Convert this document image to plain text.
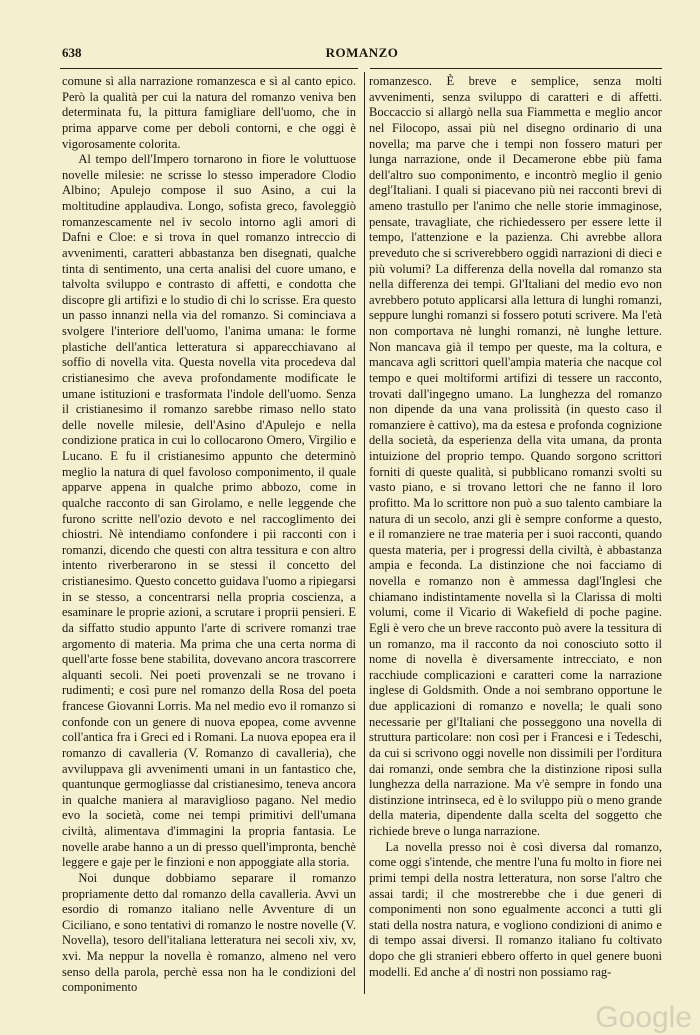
638	ROMANZO

comune sì alla narrazione romanzesca e sì al canto epico. Però la qualità per cui la natura del romanzo veniva ben determinata fu, la pittura famigliare dell'uomo, che in prima apparve come per deboli contorni, e che oggi è vigorosamente colorita.

Al tempo dell'Impero tornarono in fiore le voluttuose novelle milesie: ne scrisse lo stesso imperadore Clodio Albino; Apulejo compose il suo Asino, a cui la moltitudine applaudiva. Longo, sofista greco, favoleggiò romanzescamente nel iv secolo intorno agli amori di Dafni e Cloe: e si trova in quel romanzo intreccio di avvenimenti, caratteri abbastanza ben disegnati, qualche tinta di sentimento, una certa analisi del cuore umano, e talvolta sviluppo e contrasto di affetti, e condotta che discopre gli artifizi e lo studio di chi lo scrisse. Era questo un passo innanzi nella via del romanzo. Si cominciava a svolgere l'interiore dell'uomo, l'anima umana: le forme plastiche dell'antica letteratura si apparecchiavano al soffio di novella vita. Questa novella vita procedeva dal cristianesimo che aveva profondamente modificate le umane istituzioni e trasformata l'indole dell'uomo. Senza il cristianesimo il romanzo sarebbe rimaso nello stato delle novelle milesie, dell'Asino d'Apulejo e nella condizione pratica in cui lo collocarono Omero, Virgilio e Lucano. E fu il cristianesimo appunto che determinò meglio la natura di quel favoloso componimento, il quale apparve appena in qualche primo abbozo, come in qualche racconto di san Girolamo, e nelle leggende che furono scritte nell'ozio devoto e nel raccoglimento dei chiostri. Nè intendiamo confondere i pii racconti con i romanzi, dicendo che questi con altra tessitura e con altro intento riverberarono in se stessi il concetto del cristianesimo. Questo concetto guidava l'uomo a ripiegarsi in se stesso, a concentrarsi nella propria coscienza, a esaminare le proprie azioni, a scrutare i proprii pensieri. E da siffatto studio appunto l'arte di scrivere romanzi trae argomento di materia. Ma prima che una certa norma di quell'arte fosse bene stabilita, dovevano ancora trascorrere alquanti secoli. Nei poeti provenzali se ne trovano i rudimenti; e così pure nel romanzo della Rosa del poeta francese Giovanni Lorris. Ma nel medio evo il romanzo si confonde con un genere di nuova epopea, come avvenne coll'antica fra i Greci ed i Romani. La nuova epopea era il romanzo di cavalleria (V. Romanzo di cavalleria), che avviluppava gli avvenimenti umani in un fantastico che, quantunque germogliasse dal cristianesimo, teneva ancora in qualche maniera al maraviglioso pagano. Nel medio evo la società, come nei tempi primitivi dell'umana civiltà, alimentava d'immagini la propria fantasia. Le novelle arabe hanno a un di presso quell'impronta, benchè leggere e gaje per le finzioni e non appoggiate alla storia.

Noi dunque dobbiamo separare il romanzo propriamente detto dal romanzo della cavalleria. Avvi un esordio di romanzo italiano nelle Avventure di un Ciciliano, e sono tentativi di romanzo le nostre novelle (V. Novella), tesoro dell'italiana letteratura nei secoli xiv, xv, xvi. Ma neppur la novella è romanzo, almeno nel vero senso della parola, perchè essa non ha le condizioni del componimento

romanzesco. È breve e semplice, senza molti avvenimenti, senza sviluppo di caratteri e di affetti. Boccaccio si allargò nella sua Fiammetta e meglio ancor nel Filocopo, assai più nel disegno ordinario di una novella; ma parve che i tempi non fossero maturi per lunga narrazione, onde il Decamerone ebbe più fama dell'altro suo componimento, e incontrò meglio il genio degl'Italiani. I quali si piacevano più nei racconti brevi di ameno trastullo per l'animo che nelle storie immaginose, pensate, travagliate, che richiedessero per essere lette il tempo, l'attenzione e la pazienza. Chi avrebbe allora preveduto che si scriverebbero oggidì narrazioni di dieci e più volumi? La differenza della novella dal romanzo sta nella differenza dei tempi. Gl'Italiani del medio evo non avrebbero potuto applicarsi alla lettura di lunghi romanzi, seppure lunghi romanzi si fossero potuti scrivere. Ma l'età non comportava nè lunghi romanzi, nè lunghe letture. Non mancava già il tempo per queste, ma la coltura, e mancava agli scrittori quell'ampia materia che nacque col tempo e quei moltiformi artifizi di tessere un racconto, trovati dall'ingegno umano. La lunghezza del romanzo non dipende da una vana prolissità (in questo caso il romanziere è cattivo), ma da estesa e profonda cognizione della società, da esperienza della vita umana, da pronta intuizione del proprio tempo. Quando sorgono scrittori forniti di queste qualità, si pubblicano romanzi svolti su vasto piano, e si trovano lettori che ne fanno il loro profitto. Ma lo scrittore non può a suo talento cambiare la natura di un secolo, anzi gli è sempre conforme a questo, e il romanziere ne trae materia per i suoi racconti, quando questa materia, per i progressi della civiltà, è abbastanza ampia e feconda. La distinzione che noi facciamo di novella e romanzo non è ammessa dagl'Inglesi che chiamano indistintamente novella sì la Clarissa di molti volumi, come il Vicario di Wakefield di poche pagine. Egli è vero che un breve racconto può avere la tessitura di un romanzo, ma il racconto da noi conosciuto sotto il nome di novella è diversamente intrecciato, e non racchiude complicazioni e caratteri come la narrazione inglese di Goldsmith. Onde a noi sembrano opportune le due applicazioni di romanzo e novella; le quali sono necessarie per gl'Italiani che posseggono una novella di struttura particolare: non così per i Francesi e i Tedeschi, da cui si scrivono oggi novelle non dissimili per l'orditura dai romanzi, onde sembra che la distinzione riposi sulla lunghezza della narrazione. Ma v'è sempre in fondo una distinzione intrinseca, ed è lo sviluppo più o meno grande della materia, dipendente dalla scelta del soggetto che richiede breve o lunga narrazione.

La novella presso noi è così diversa dal romanzo, come oggi s'intende, che mentre l'una fu molto in fiore nei primi tempi della nostra letteratura, non sorse l'altro che assai tardi; il che mostrerebbe che i due generi di componimenti non sono egualmente acconci a tutti gli stati della nostra natura, e vogliono condizioni di animo e di tempo assai diversi. Il romanzo italiano fu coltivato dopo che gli stranieri ebbero offerto in quel genere buoni modelli. Ed anche a' dì nostri non possiamo rag-

Google
